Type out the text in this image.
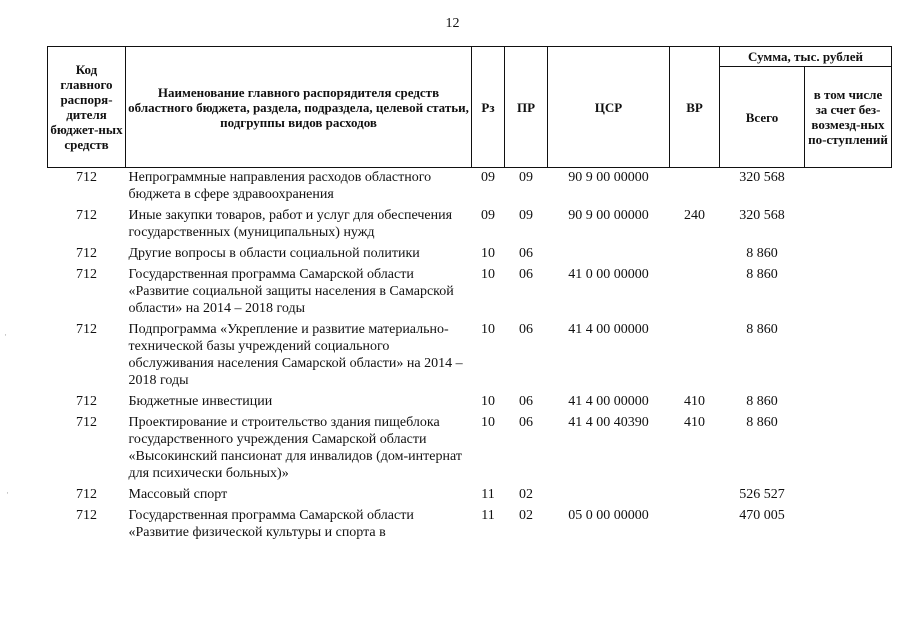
12
·
·
Код главного распоря-дителя бюджет-ных средств	Наименование главного распорядителя средств областного бюджета, раздела, подраздела, целевой статьи, подгруппы видов расходов	Рз	ПР	ЦСР	ВР	Сумма, тыс. рублей	
						Всего	в том числе за счет без-возмезд-ных по-ступлений
712	Непрограммные направления расходов областного бюджета в сфере здравоохранения	09	09	90 9 00 00000		320 568	
712	Иные закупки товаров, работ и услуг для обеспечения государственных (муниципальных) нужд	09	09	90 9 00 00000	240	320 568	
712	Другие вопросы в области социальной политики	10	06			8 860	
712	Государственная программа Самарской области «Развитие социальной защиты населения в Самарской области» на 2014 – 2018 годы	10	06	41 0 00 00000		8 860	
712	Подпрограмма «Укрепление и развитие материально-технической базы учреждений социального обслуживания населения Самарской области» на 2014 – 2018 годы	10	06	41 4 00 00000		8 860	
712	Бюджетные инвестиции	10	06	41 4 00 00000	410	8 860	
712	Проектирование и строительство здания пищеблока государственного учреждения Самарской области «Высокинский пансионат для инвалидов (дом-интернат для психически больных)»	10	06	41 4 00 40390	410	8 860	
712	Массовый спорт	11	02			526 527	
712	Государственная программа Самарской области «Развитие физической культуры и спорта в	11	02	05 0 00 00000		470 005	
